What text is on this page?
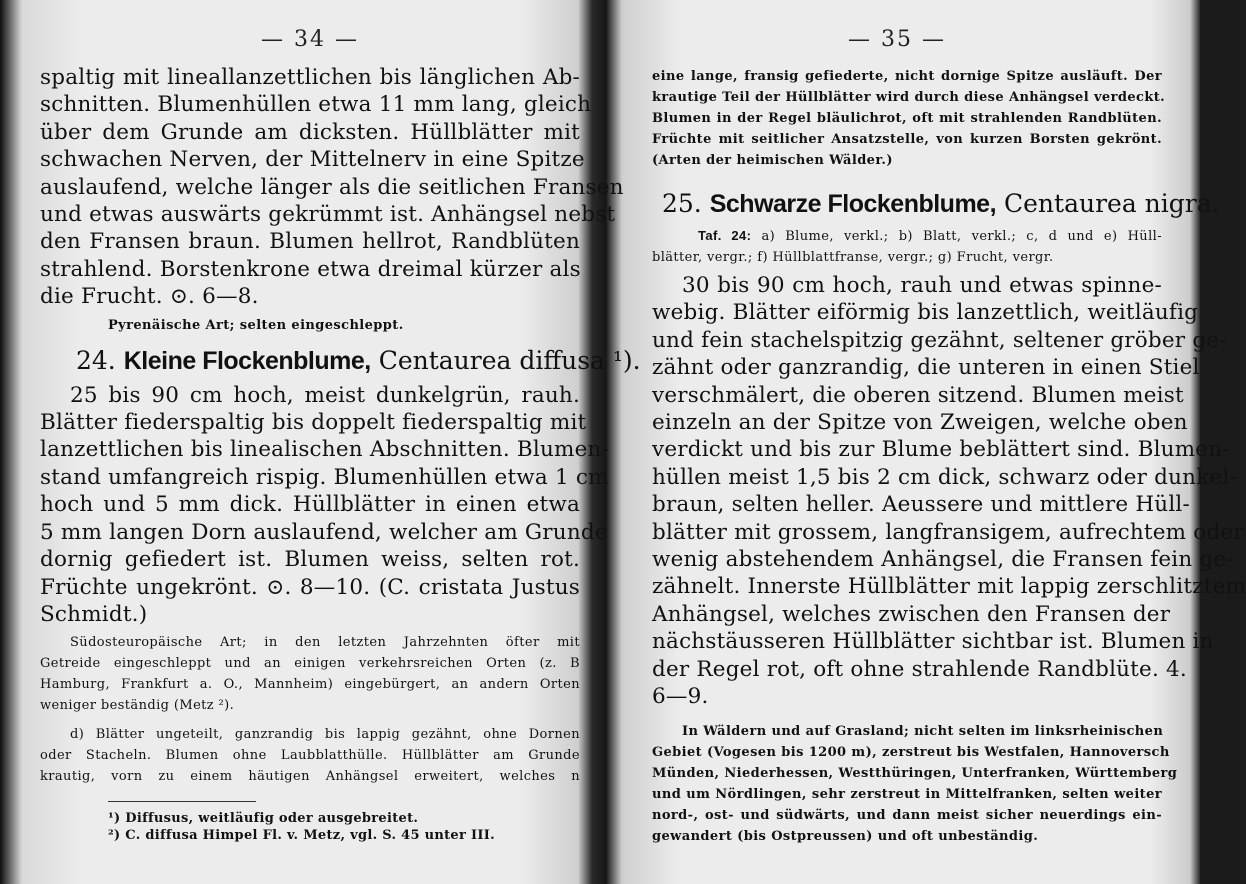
— 34 —
spaltig mit lineallanzettlichen bis länglichen Ab-
schnitten. Blumenhüllen etwa 11 mm lang, gleich
über dem Grunde am dicksten. Hüllblätter mit
schwachen Nerven, der Mittelnerv in eine Spitze
auslaufend, welche länger als die seitlichen Fransen
und etwas auswärts gekrümmt ist. Anhängsel nebst
den Fransen braun. Blumen hellrot, Randblüten
strahlend. Borstenkrone etwa dreimal kürzer als
die Frucht. ⊙. 6—8.
Pyrenäische Art; selten eingeschleppt.
24. Kleine Flockenblume, Centaurea diffusa ¹).
25 bis 90 cm hoch, meist dunkelgrün, rauh.
Blätter fiederspaltig bis doppelt fiederspaltig mit
lanzettlichen bis linealischen Abschnitten. Blumen-
stand umfangreich rispig. Blumenhüllen etwa 1 cm
hoch und 5 mm dick. Hüllblätter in einen etwa
5 mm langen Dorn auslaufend, welcher am Grunde
dornig gefiedert ist. Blumen weiss, selten rot.
Früchte ungekrönt. ⊙. 8—10. (C. cristata Justus
Schmidt.)
Südosteuropäische Art; in den letzten Jahrzehnten öfter mit
Getreide eingeschleppt und an einigen verkehrsreichen Orten (z. B
Hamburg, Frankfurt a. O., Mannheim) eingebürgert, an andern Orten
weniger beständig (Metz ²).
d) Blätter ungeteilt, ganzrandig bis lappig gezähnt, ohne Dornen
oder Stacheln. Blumen ohne Laubblatthülle. Hüllblätter am Grunde
krautig, vorn zu einem häutigen Anhängsel erweitert, welches n
¹) Diffusus, weitläufig oder ausgebreitet.
²) C. diffusa Himpel Fl. v. Metz, vgl. S. 45 unter III.
— 35 —
eine lange, fransig gefiederte, nicht dornige Spitze ausläuft. Der
krautige Teil der Hüllblätter wird durch diese Anhängsel verdeckt.
Blumen in der Regel bläulichrot, oft mit strahlenden Randblüten.
Früchte mit seitlicher Ansatzstelle, von kurzen Borsten gekrönt.
(Arten der heimischen Wälder.)
25. Schwarze Flockenblume, Centaurea nigra.
Taf. 24: a) Blume, verkl.; b) Blatt, verkl.; c, d und e) Hüll-
blätter, vergr.; f) Hüllblattfranse, vergr.; g) Frucht, vergr.
30 bis 90 cm hoch, rauh und etwas spinne-
webig. Blätter eiförmig bis lanzettlich, weitläufig
und fein stachelspitzig gezähnt, seltener gröber ge-
zähnt oder ganzrandig, die unteren in einen Stiel
verschmälert, die oberen sitzend. Blumen meist
einzeln an der Spitze von Zweigen, welche oben
verdickt und bis zur Blume beblättert sind. Blumen-
hüllen meist 1,5 bis 2 cm dick, schwarz oder dunkel-
braun, selten heller. Aeussere und mittlere Hüll-
blätter mit grossem, langfransigem, aufrechtem oder
wenig abstehendem Anhängsel, die Fransen fein ge-
zähnelt. Innerste Hüllblätter mit lappig zerschlitztem
Anhängsel, welches zwischen den Fransen der
nächstäusseren Hüllblätter sichtbar ist. Blumen in
der Regel rot, oft ohne strahlende Randblüte. 4.
6—9.
In Wäldern und auf Grasland; nicht selten im linksrheinischen
Gebiet (Vogesen bis 1200 m), zerstreut bis Westfalen, Hannoversch
Münden, Niederhessen, Westthüringen, Unterfranken, Württemberg
und um Nördlingen, sehr zerstreut in Mittelfranken, selten weiter
nord-, ost- und südwärts, und dann meist sicher neuerdings ein-
gewandert (bis Ostpreussen) und oft unbeständig.
